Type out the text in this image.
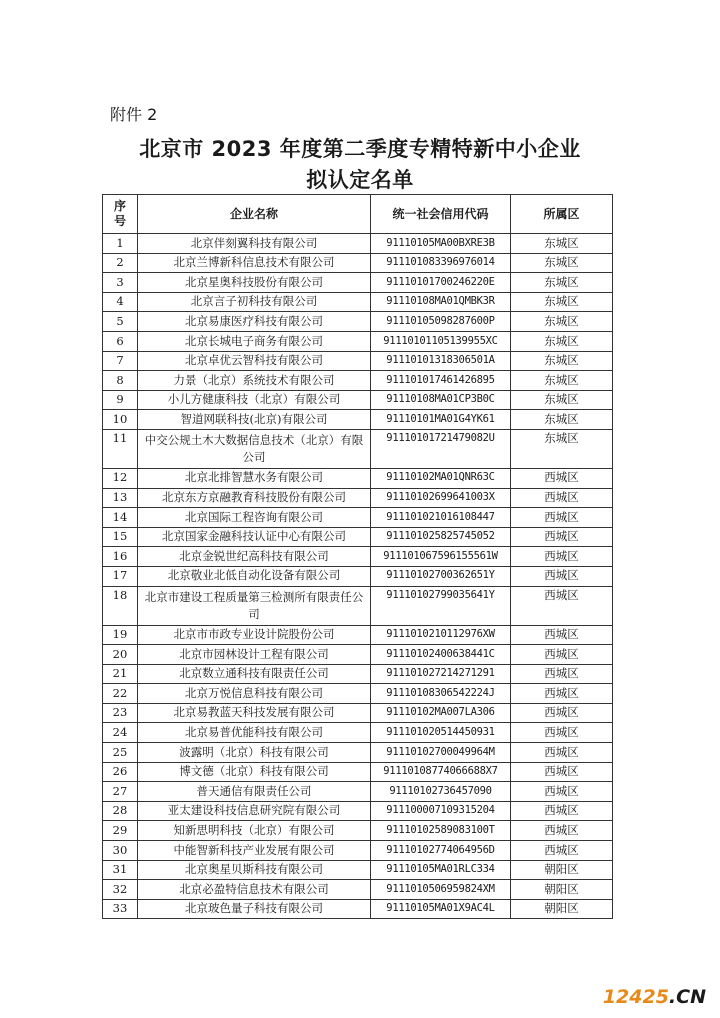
附件 2
北京市 2023 年度第二季度专精特新中小企业
拟认定名单
序
号	企业名称	统一社会信用代码	所属区
1	北京伴刻翼科技有限公司	91110105MA00BXRE3B	东城区
2	北京兰博新科信息技术有限公司	911101083396976014	东城区
3	北京星奥科技股份有限公司	91110101700246220E	东城区
4	北京言子初科技有限公司	91110108MA01QMBK3R	东城区
5	北京易康医疗科技有限公司	91110105098287600P	东城区
6	北京长城电子商务有限公司	91110101105139955XC	东城区
7	北京卓优云智科技有限公司	91110101318306501A	东城区
8	力景（北京）系统技术有限公司	911101017461426895	东城区
9	小儿方健康科技（北京）有限公司	91110108MA01CP3B0C	东城区
10	智道网联科技(北京)有限公司	91110101MA01G4YK61	东城区
11	中交公规土木大数据信息技术（北京）有限公司	91110101721479082U	东城区
12	北京北排智慧水务有限公司	91110102MA01QNR63C	西城区
13	北京东方京融教育科技股份有限公司	91110102699641003X	西城区
14	北京国际工程咨询有限公司	911101021016108447	西城区
15	北京国家金融科技认证中心有限公司	911101025825745052	西城区
16	北京金锐世纪高科技有限公司	911101067596155561W	西城区
17	北京敬业北低自动化设备有限公司	91110102700362651Y	西城区
18	北京市建设工程质量第三检测所有限责任公司	91110102799035641Y	西城区
19	北京市市政专业设计院股份公司	9111010210112976XW	西城区
20	北京市园林设计工程有限公司	91110102400638441C	西城区
21	北京数立通科技有限责任公司	911101027214271291	西城区
22	北京万悦信息科技有限公司	91110108306542224J	西城区
23	北京易教蓝天科技发展有限公司	91110102MA007LA306	西城区
24	北京易普优能科技有限公司	911101020514450931	西城区
25	波露明（北京）科技有限公司	91110102700049964M	西城区
26	博文德（北京）科技有限公司	91110108774066688X7	西城区
27	普天通信有限责任公司	91110102736457090	西城区
28	亚太建设科技信息研究院有限公司	911100007109315204	西城区
29	知新思明科技（北京）有限公司	91110102589083100T	西城区
30	中能智新科技产业发展有限公司	91110102774064956D	西城区
31	北京奥星贝斯科技有限公司	91110105MA01RLC334	朝阳区
32	北京必盈特信息技术有限公司	9111010506959824XM	朝阳区
33	北京玻色量子科技有限公司	91110105MA01X9AC4L	朝阳区
12425.CN
